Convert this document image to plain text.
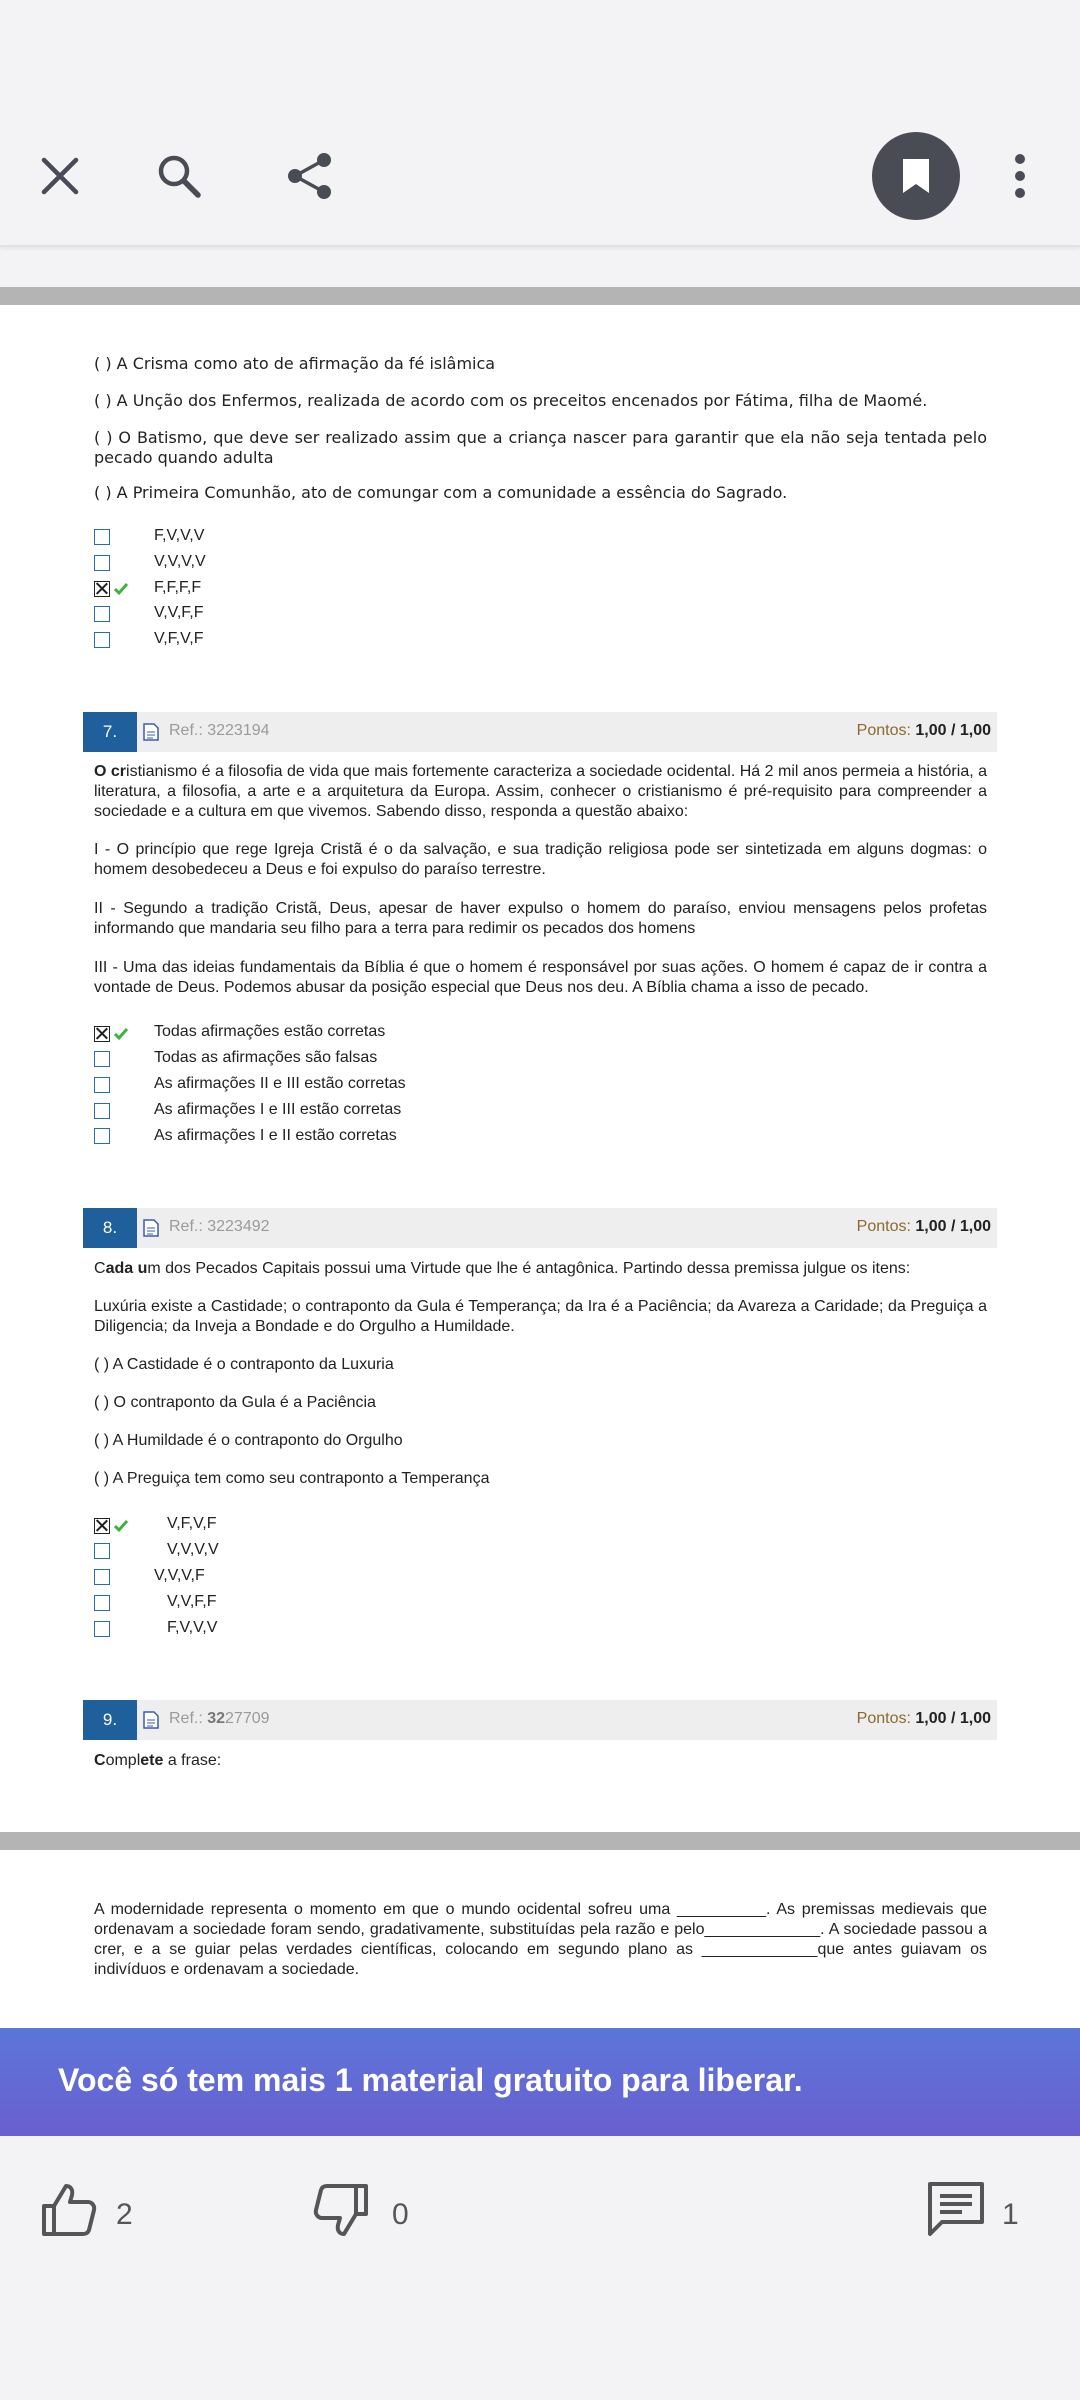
( ) A Crisma como ato de afirmação da fé islâmica
( ) A Unção dos Enfermos, realizada de acordo com os preceitos encenados por Fátima, filha de Maomé.
( ) O Batismo, que deve ser realizado assim que a criança nascer para garantir que ela não seja tentada pelo pecado quando adulta
( ) A Primeira Comunhão, ato de comungar com a comunidade a essência do Sagrado.
F,V,V,V
V,V,V,V
F,F,F,F
V,V,F,F
V,F,V,F
7.	Ref.: 3223194	Pontos: 1,00 / 1,00
O cristianismo é a filosofia de vida que mais fortemente caracteriza a sociedade ocidental. Há 2 mil anos permeia a história, a literatura, a filosofia, a arte e a arquitetura da Europa. Assim, conhecer o cristianismo é pré-requisito para compreender a sociedade e a cultura em que vivemos. Sabendo disso, responda a questão abaixo:
I - O princípio que rege Igreja Cristã é o da salvação, e sua tradição religiosa pode ser sintetizada em alguns dogmas: o homem desobedeceu a Deus e foi expulso do paraíso terrestre.
II - Segundo a tradição Cristã, Deus, apesar de haver expulso o homem do paraíso, enviou mensagens pelos profetas informando que mandaria seu filho para a terra para redimir os pecados dos homens
III - Uma das ideias fundamentais da Bíblia é que o homem é responsável por suas ações. O homem é capaz de ir contra a vontade de Deus. Podemos abusar da posição especial que Deus nos deu. A Bíblia chama a isso de pecado.
Todas afirmações estão corretas
Todas as afirmações são falsas
As afirmações II e III estão corretas
As afirmações I e III estão corretas
As afirmações I e II estão corretas
8.	Ref.: 3223492	Pontos: 1,00 / 1,00
Cada um dos Pecados Capitais possui uma Virtude que lhe é antagônica. Partindo dessa premissa julgue os itens:
Luxúria existe a Castidade; o contraponto da Gula é Temperança; da Ira é a Paciência; da Avareza a Caridade; da Preguiça a Diligencia; da Inveja a Bondade e do Orgulho a Humildade.
( ) A Castidade é o contraponto da Luxuria
( ) O contraponto da Gula é a Paciência
( ) A Humildade é o contraponto do Orgulho
( ) A Preguiça tem como seu contraponto a Temperança
V,F,V,F
V,V,V,V
V,V,V,F
V,V,F,F
F,V,V,V
9.	Ref.: 3227709	Pontos: 1,00 / 1,00
Complete a frase:
A modernidade representa o momento em que o mundo ocidental sofreu uma __________. As premissas medievais que ordenavam a sociedade foram sendo, gradativamente, substituídas pela razão e pelo_____________. A sociedade passou a crer, e a se guiar pelas verdades científicas, colocando em segundo plano as _____________que antes guiavam os indivíduos e ordenavam a sociedade.
Você só tem mais 1 material gratuito para liberar.
2	0	1
